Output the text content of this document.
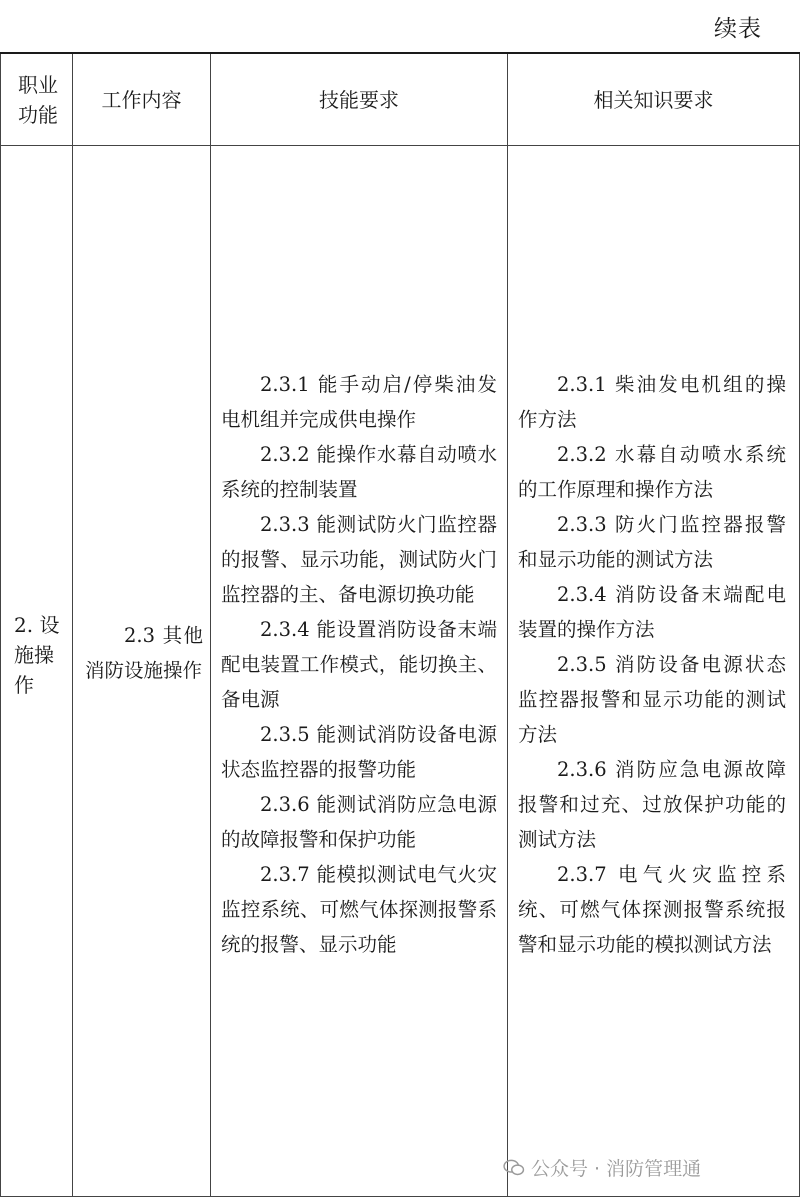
续表
职业功能
工作内容	技能要求	相关知识要求
2. 设施操作

2.3 其他消防设施操作

2.3.1 能手动启/停柴油发电机组并完成供电操作

2.3.2 能操作水幕自动喷水系统的控制装置

2.3.3 能测试防火门监控器的报警、显示功能，测试防火门监控器的主、备电源切换功能

2.3.4 能设置消防设备末端配电装置工作模式，能切换主、备电源

2.3.5 能测试消防设备电源状态监控器的报警功能

2.3.6 能测试消防应急电源的故障报警和保护功能

2.3.7 能模拟测试电气火灾监控系统、可燃气体探测报警系统的报警、显示功能

2.3.1 柴油发电机组的操作方法

2.3.2 水幕自动喷水系统的工作原理和操作方法

2.3.3 防火门监控器报警和显示功能的测试方法

2.3.4 消防设备末端配电装置的操作方法

2.3.5 消防设备电源状态监控器报警和显示功能的测试方法

2.3.6 消防应急电源故障报警和过充、过放保护功能的测试方法

2.3.7 电气火灾监控系统、可燃气体探测报警系统报警和显示功能的模拟测试方法

公众号 · 消防管理通
